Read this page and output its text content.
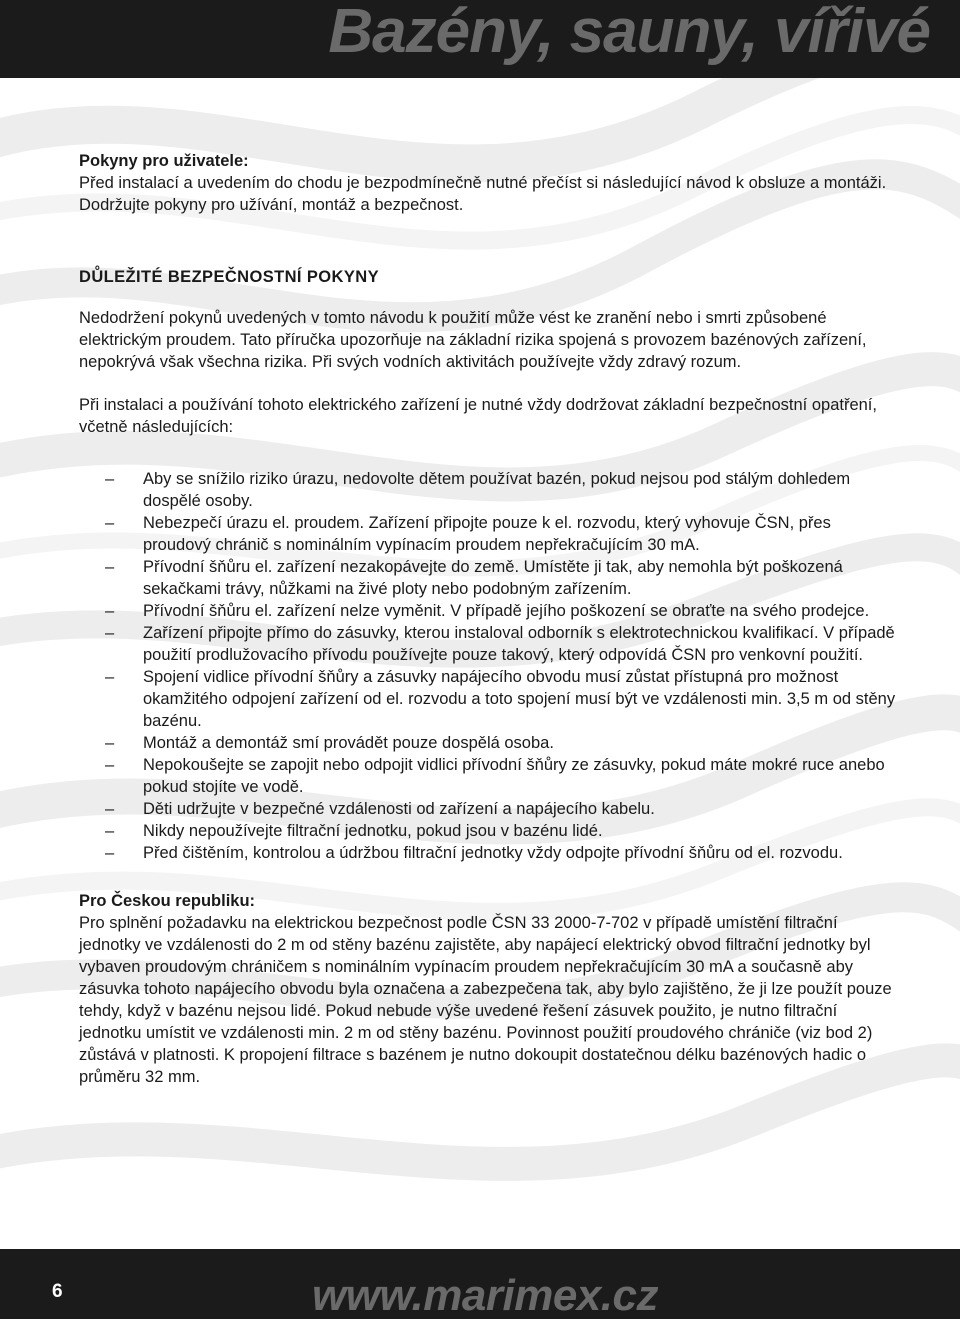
Bazény, sauny, vířivé

Pokyny pro uživatele:

Před instalací a uvedením do chodu je bezpodmínečně nutné přečíst si následující návod k obsluze a montáži. Dodržujte pokyny pro užívání, montáž a bezpečnost.

DŮLEŽITÉ BEZPEČNOSTNÍ POKYNY

Nedodržení pokynů uvedených v tomto návodu k použití může vést ke zranění nebo i smrti způsobené elektrickým proudem. Tato příručka upozorňuje na základní rizika spojená s provozem bazénových zařízení, nepokrývá však všechna rizika. Při svých vodních aktivitách používejte vždy zdravý rozum.

Při instalaci a používání tohoto elektrického zařízení je nutné vždy dodržovat základní bezpečnostní opatření, včetně následujících:

– Aby se snížilo riziko úrazu, nedovolte dětem používat bazén, pokud nejsou pod stálým dohledem dospělé osoby.
– Nebezpečí úrazu el. proudem. Zařízení připojte pouze k el. rozvodu, který vyhovuje ČSN, přes proudový chránič s nominálním vypínacím proudem nepřekračujícím 30 mA.
– Přívodní šňůru el. zařízení nezakopávejte do země. Umístěte ji tak, aby nemohla být poškozená sekačkami trávy, nůžkami na živé ploty nebo podobným zařízením.
– Přívodní šňůru el. zařízení nelze vyměnit. V případě jejího poškození se obraťte na svého prodejce.
– Zařízení připojte přímo do zásuvky, kterou instaloval odborník s elektrotechnickou kvalifikací. V případě použití prodlužovacího přívodu používejte pouze takový, který odpovídá ČSN pro venkovní použití.
– Spojení vidlice přívodní šňůry a zásuvky napájecího obvodu musí zůstat přístupná pro možnost okamžitého odpojení zařízení od el. rozvodu a toto spojení musí být ve vzdálenosti min. 3,5 m od stěny bazénu.
– Montáž a demontáž smí provádět pouze dospělá osoba.
– Nepokoušejte se zapojit nebo odpojit vidlici přívodní šňůry ze zásuvky, pokud máte mokré ruce anebo pokud stojíte ve vodě.
– Děti udržujte v bezpečné vzdálenosti od zařízení a napájecího kabelu.
– Nikdy nepoužívejte filtrační jednotku, pokud jsou v bazénu lidé.
– Před čištěním, kontrolou a údržbou filtrační jednotky vždy odpojte přívodní šňůru od el. rozvodu.

Pro Českou republiku:

Pro splnění požadavku na elektrickou bezpečnost podle ČSN 33 2000-7-702 v případě umístění filtrační jednotky ve vzdálenosti do 2 m od stěny bazénu zajistěte, aby napájecí elektrický obvod filtrační jednotky byl vybaven proudovým chráničem s nominálním vypínacím proudem nepřekračujícím 30 mA a současně aby zásuvka tohoto napájecího obvodu byla označena a zabezpečena tak, aby bylo zajištěno, že ji lze použít pouze tehdy, když v bazénu nejsou lidé. Pokud nebude výše uvedené řešení zásuvek použito, je nutno filtrační jednotku umístit ve vzdálenosti min. 2 m od stěny bazénu. Povinnost použití proudového chrániče (viz bod 2) zůstává v platnosti. K propojení filtrace s bazénem je nutno dokoupit dostatečnou délku bazénových hadic o průměru 32 mm.

6	www.marimex.cz
